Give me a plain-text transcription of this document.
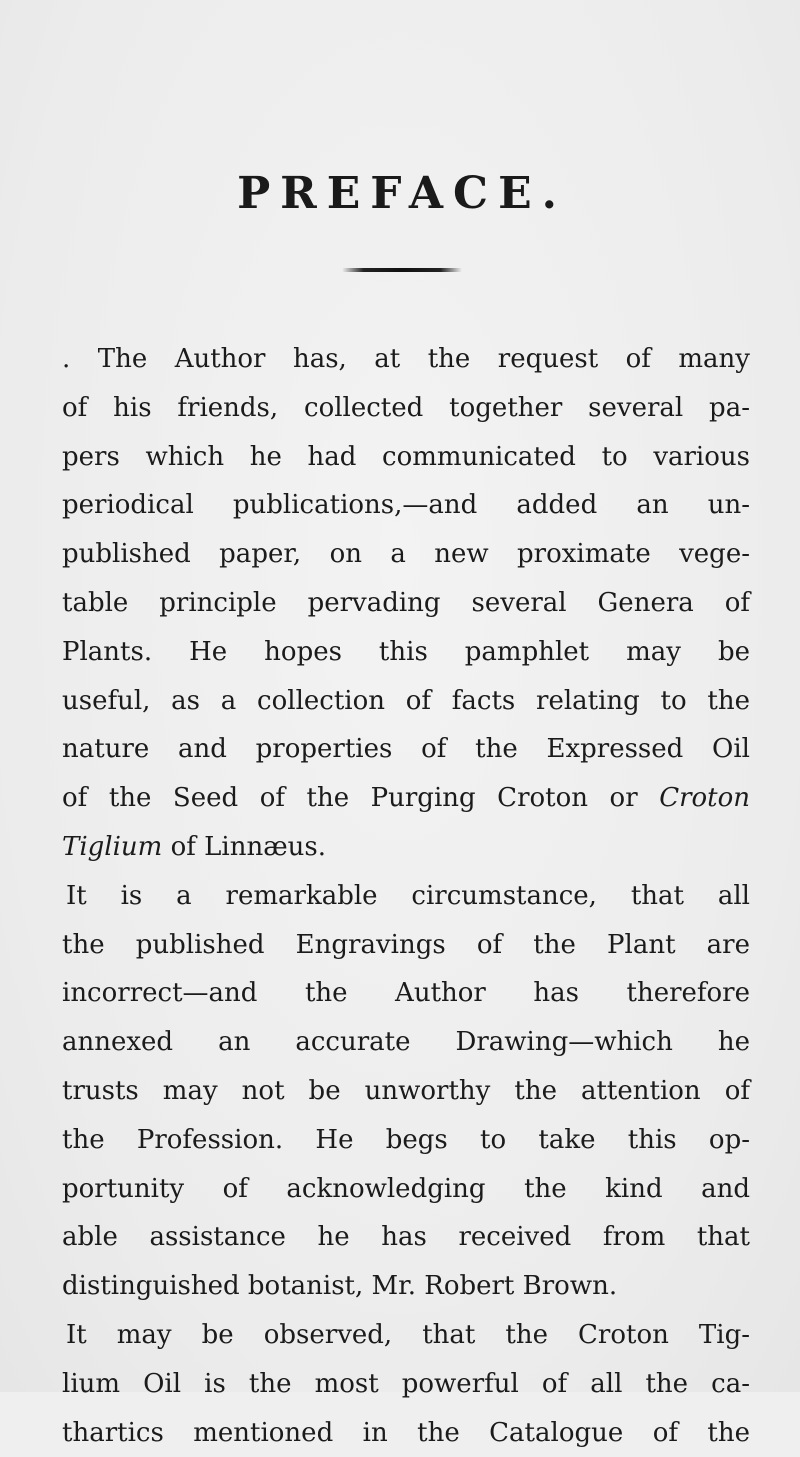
PREFACE.
. The Author has, at the request of many
of his friends, collected together several pa-
pers which he had communicated to various
periodical publications,—and added an un-
published paper, on a new proximate vege-
table principle pervading several Genera of
Plants. He hopes this pamphlet may be
useful, as a collection of facts relating to the
nature and properties of the Expressed Oil
of the Seed of the Purging Croton or Croton
Tiglium of Linnæus.
It is a remarkable circumstance, that all
the published Engravings of the Plant are
incorrect—and the Author has therefore
annexed an accurate Drawing—which he
trusts may not be unworthy the attention of
the Profession. He begs to take this op-
portunity of acknowledging the kind and
able assistance he has received from that
distinguished botanist, Mr. Robert Brown.
It may be observed, that the Croton Tig-
lium Oil is the most powerful of all the ca-
thartics mentioned in the Catalogue of the
